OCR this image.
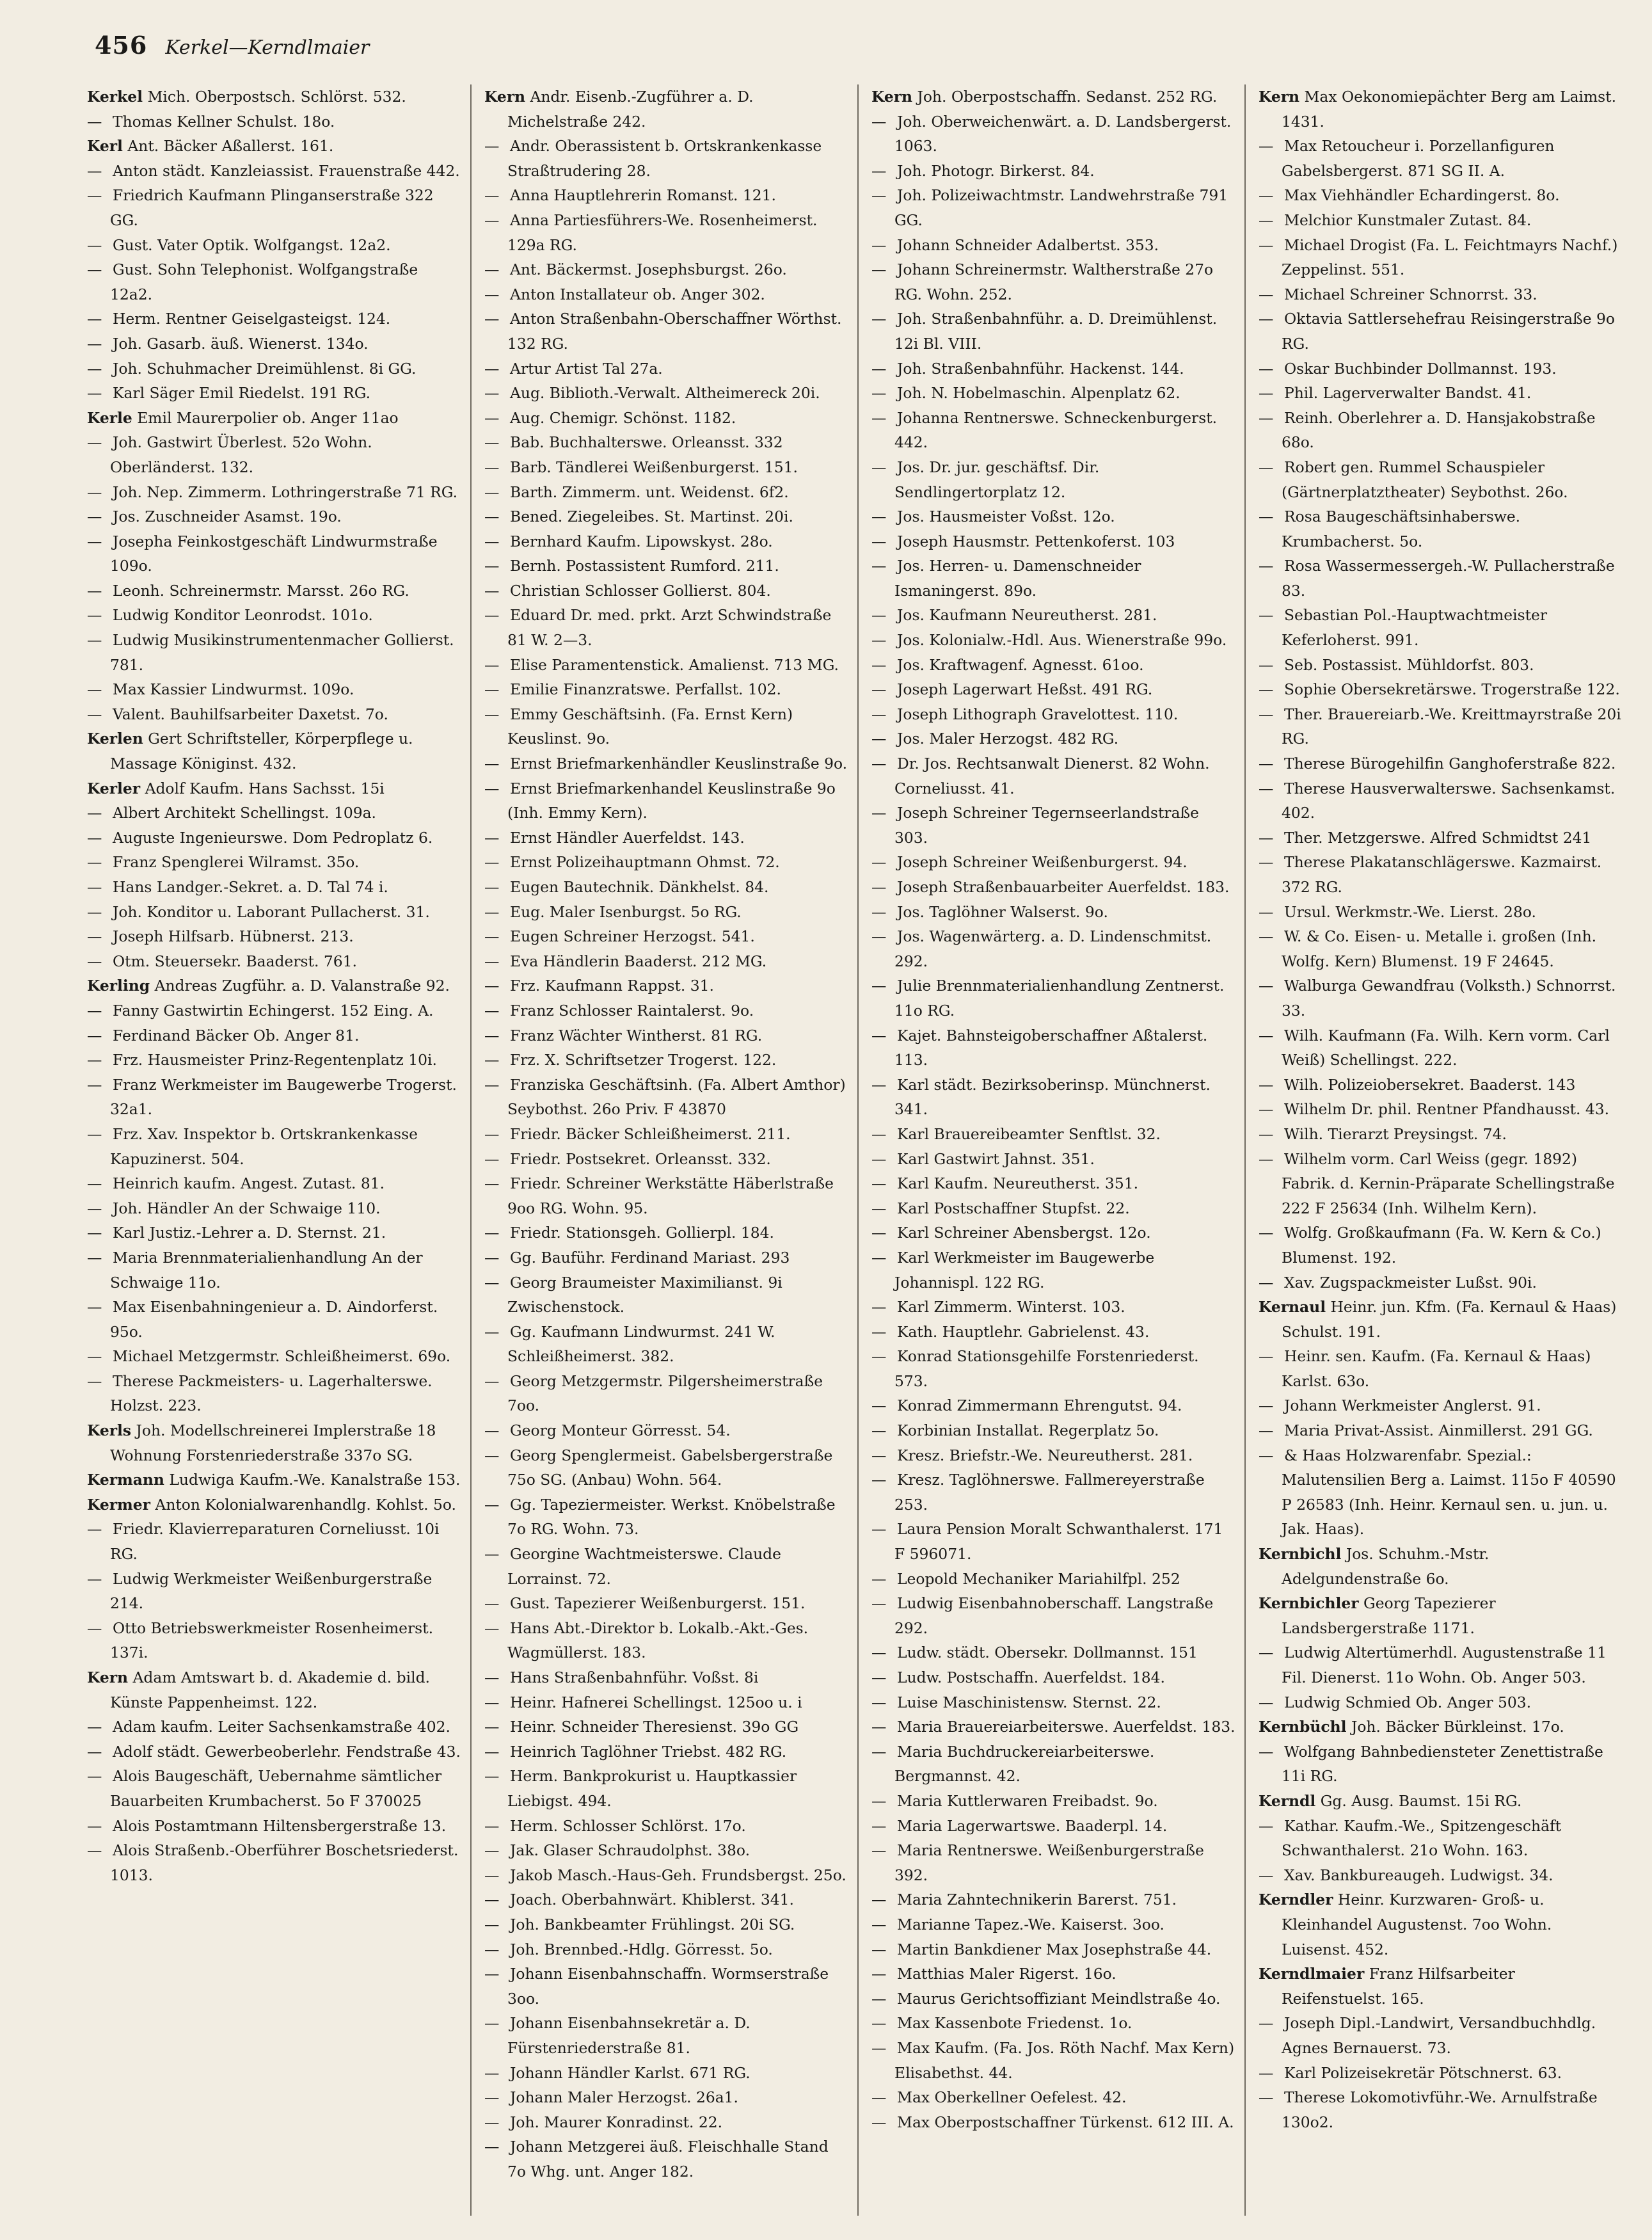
456 Kerkel—Kerndlmaier
Kerkel Mich. Oberpostsch. Schlörst. 532.
— Thomas Kellner Schulst. 18o.
Kerl Ant. Bäcker Aßallerst. 161.
— Anton städt. Kanzleiassist. Frauenstraße 442.
— Friedrich Kaufmann Plinganserstraße 322 GG.
— Gust. Vater Optik. Wolfgangst. 12a2.
— Gust. Sohn Telephonist. Wolfgangstraße 12a2.
— Herm. Rentner Geiselgasteigst. 124.
— Joh. Gasarb. äuß. Wienerst. 134o.
— Joh. Schuhmacher Dreimühlenst. 8i GG.
— Karl Säger Emil Riedelst. 191 RG.
Kerle Emil Maurerpolier ob. Anger 11ao
— Joh. Gastwirt Überlest. 52o Wohn. Oberländerst. 132.
— Joh. Nep. Zimmerm. Lothringerstraße 71 RG.
— Jos. Zuschneider Asamst. 19o.
— Josepha Feinkostgeschäft Lindwurmstraße 109o.
— Leonh. Schreinermstr. Marsst. 26o RG.
— Ludwig Konditor Leonrodst. 101o.
— Ludwig Musikinstrumentenmacher Gollierst. 781.
— Max Kassier Lindwurmst. 109o.
— Valent. Bauhilfsarbeiter Daxetst. 7o.
Kerlen Gert Schriftsteller, Körperpflege u. Massage Königinst. 432.
Kerler Adolf Kaufm. Hans Sachsst. 15i
— Albert Architekt Schellingst. 109a.
— Auguste Ingenieurswe. Dom Pedroplatz 6.
— Franz Spenglerei Wilramst. 35o.
— Hans Landger.-Sekret. a. D. Tal 74 i.
— Joh. Konditor u. Laborant Pullacherst. 31.
— Joseph Hilfsarb. Hübnerst. 213.
— Otm. Steuersekr. Baaderst. 761.
Kerling Andreas Zugführ. a. D. Valanstraße 92.
— Fanny Gastwirtin Echingerst. 152 Eing. A.
— Ferdinand Bäcker Ob. Anger 81.
— Frz. Hausmeister Prinz-Regentenplatz 10i.
— Franz Werkmeister im Baugewerbe Trogerst. 32a1.
— Frz. Xav. Inspektor b. Ortskrankenkasse Kapuzinerst. 504.
— Heinrich kaufm. Angest. Zutast. 81.
— Joh. Händler An der Schwaige 110.
— Karl Justiz.-Lehrer a. D. Sternst. 21.
— Maria Brennmaterialienhandlung An der Schwaige 11o.
— Max Eisenbahningenieur a. D. Aindorferst. 95o.
— Michael Metzgermstr. Schleißheimerst. 69o.
— Therese Packmeisters- u. Lagerhalterswe. Holzst. 223.
Kerls Joh. Modellschreinerei Implerstraße 18 Wohnung Forstenriederstraße 337o SG.
Kermann Ludwiga Kaufm.-We. Kanalstraße 153.
Kermer Anton Kolonialwarenhandlg. Kohlst. 5o.
— Friedr. Klavierreparaturen Corneliusst. 10i RG.
— Ludwig Werkmeister Weißenburgerstraße 214.
— Otto Betriebswerkmeister Rosenheimerst. 137i.
Kern Adam Amtswart b. d. Akademie d. bild. Künste Pappenheimst. 122.
— Adam kaufm. Leiter Sachsenkamstraße 402.
— Adolf städt. Gewerbeoberlehr. Fendstraße 43.
— Alois Baugeschäft, Uebernahme sämtlicher Bauarbeiten Krumbacherst. 5o F 370025
— Alois Postamtmann Hiltensbergerstraße 13.
— Alois Straßenb.-Oberführer Boschetsriederst. 1013.
Kern Andr. Eisenb.-Zugführer a. D. Michelstraße 242.
— Andr. Oberassistent b. Ortskrankenkasse Straßtrudering 28.
— Anna Hauptlehrerin Romanst. 121.
— Anna Partiesführers-We. Rosenheimerst. 129a RG.
— Ant. Bäckermst. Josephsburgst. 26o.
— Anton Installateur ob. Anger 302.
— Anton Straßenbahn-Oberschaffner Wörthst. 132 RG.
— Artur Artist Tal 27a.
— Aug. Biblioth.-Verwalt. Altheimereck 20i.
— Aug. Chemigr. Schönst. 1182.
— Bab. Buchhalterswe. Orleansst. 332
— Barb. Tändlerei Weißenburgerst. 151.
— Barth. Zimmerm. unt. Weidenst. 6f2.
— Bened. Ziegeleibes. St. Martinst. 20i.
— Bernhard Kaufm. Lipowskyst. 28o.
— Bernh. Postassistent Rumford. 211.
— Christian Schlosser Gollierst. 804.
— Eduard Dr. med. prkt. Arzt Schwindstraße 81 W. 2—3.
— Elise Paramentenstick. Amalienst. 713 MG.
— Emilie Finanzratswe. Perfallst. 102.
— Emmy Geschäftsinh. (Fa. Ernst Kern) Keuslinst. 9o.
— Ernst Briefmarkenhändler Keuslinstraße 9o.
— Ernst Briefmarkenhandel Keuslinstraße 9o (Inh. Emmy Kern).
— Ernst Händler Auerfeldst. 143.
— Ernst Polizeihauptmann Ohmst. 72.
— Eugen Bautechnik. Dänkhelst. 84.
— Eug. Maler Isenburgst. 5o RG.
— Eugen Schreiner Herzogst. 541.
— Eva Händlerin Baaderst. 212 MG.
— Frz. Kaufmann Rappst. 31.
— Franz Schlosser Raintalerst. 9o.
— Franz Wächter Wintherst. 81 RG.
— Frz. X. Schriftsetzer Trogerst. 122.
— Franziska Geschäftsinh. (Fa. Albert Amthor) Seybothst. 26o Priv. F 43870
— Friedr. Bäcker Schleißheimerst. 211.
— Friedr. Postsekret. Orleansst. 332.
— Friedr. Schreiner Werkstätte Häberlstraße 9oo RG. Wohn. 95.
— Friedr. Stationsgeh. Gollierpl. 184.
— Gg. Bauführ. Ferdinand Mariast. 293
— Georg Braumeister Maximilianst. 9i Zwischenstock.
— Gg. Kaufmann Lindwurmst. 241 W. Schleißheimerst. 382.
— Georg Metzgermstr. Pilgersheimerstraße 7oo.
— Georg Monteur Görresst. 54.
— Georg Spenglermeist. Gabelsbergerstraße 75o SG. (Anbau) Wohn. 564.
— Gg. Tapeziermeister. Werkst. Knöbelstraße 7o RG. Wohn. 73.
— Georgine Wachtmeisterswe. Claude Lorrainst. 72.
— Gust. Tapezierer Weißenburgerst. 151.
— Hans Abt.-Direktor b. Lokalb.-Akt.-Ges. Wagmüllerst. 183.
— Hans Straßenbahnführ. Voßst. 8i
— Heinr. Hafnerei Schellingst. 125oo u. i
— Heinr. Schneider Theresienst. 39o GG
— Heinrich Taglöhner Triebst. 482 RG.
— Herm. Bankprokurist u. Hauptkassier Liebigst. 494.
— Herm. Schlosser Schlörst. 17o.
— Jak. Glaser Schraudolphst. 38o.
— Jakob Masch.-Haus-Geh. Frundsbergst. 25o.
— Joach. Oberbahnwärt. Khiblerst. 341.
— Joh. Bankbeamter Frühlingst. 20i SG.
— Joh. Brennbed.-Hdlg. Görresst. 5o.
— Johann Eisenbahnschaffn. Wormserstraße 3oo.
— Johann Eisenbahnsekretär a. D. Fürstenriederstraße 81.
— Johann Händler Karlst. 671 RG.
— Johann Maler Herzogst. 26a1.
— Joh. Maurer Konradinst. 22.
— Johann Metzgerei äuß. Fleischhalle Stand 7o Whg. unt. Anger 182.
Kern Joh. Oberpostschaffn. Sedanst. 252 RG.
— Joh. Oberweichenwärt. a. D. Landsbergerst. 1063.
— Joh. Photogr. Birkerst. 84.
— Joh. Polizeiwachtmstr. Landwehrstraße 791 GG.
— Johann Schneider Adalbertst. 353.
— Johann Schreinermstr. Waltherstraße 27o RG. Wohn. 252.
— Joh. Straßenbahnführ. a. D. Dreimühlenst. 12i Bl. VIII.
— Joh. Straßenbahnführ. Hackenst. 144.
— Joh. N. Hobelmaschin. Alpenplatz 62.
— Johanna Rentnerswe. Schneckenburgerst. 442.
— Jos. Dr. jur. geschäftsf. Dir. Sendlingertorplatz 12.
— Jos. Hausmeister Voßst. 12o.
— Joseph Hausmstr. Pettenkoferst. 103
— Jos. Herren- u. Damenschneider Ismaningerst. 89o.
— Jos. Kaufmann Neureutherst. 281.
— Jos. Kolonialw.-Hdl. Aus. Wienerstraße 99o.
— Jos. Kraftwagenf. Agnesst. 61oo.
— Joseph Lagerwart Heßst. 491 RG.
— Joseph Lithograph Gravelottest. 110.
— Jos. Maler Herzogst. 482 RG.
— Dr. Jos. Rechtsanwalt Dienerst. 82 Wohn. Corneliusst. 41.
— Joseph Schreiner Tegernseerlandstraße 303.
— Joseph Schreiner Weißenburgerst. 94.
— Joseph Straßenbauarbeiter Auerfeldst. 183.
— Jos. Taglöhner Walserst. 9o.
— Jos. Wagenwärterg. a. D. Lindenschmitst. 292.
— Julie Brennmaterialienhandlung Zentnerst. 11o RG.
— Kajet. Bahnsteigoberschaffner Aßtalerst. 113.
— Karl städt. Bezirksoberinsp. Münchnerst. 341.
— Karl Brauereibeamter Senftlst. 32.
— Karl Gastwirt Jahnst. 351.
— Karl Kaufm. Neureutherst. 351.
— Karl Postschaffner Stupfst. 22.
— Karl Schreiner Abensbergst. 12o.
— Karl Werkmeister im Baugewerbe Johannispl. 122 RG.
— Karl Zimmerm. Winterst. 103.
— Kath. Hauptlehr. Gabrielenst. 43.
— Konrad Stationsgehilfe Forstenriederst. 573.
— Konrad Zimmermann Ehrengutst. 94.
— Korbinian Installat. Regerplatz 5o.
— Kresz. Briefstr.-We. Neureutherst. 281.
— Kresz. Taglöhnerswe. Fallmereyerstraße 253.
— Laura Pension Moralt Schwanthalerst. 171 F 596071.
— Leopold Mechaniker Mariahilfpl. 252
— Ludwig Eisenbahnoberschaff. Langstraße 292.
— Ludw. städt. Obersekr. Dollmannst. 151
— Ludw. Postschaffn. Auerfeldst. 184.
— Luise Maschinistensw. Sternst. 22.
— Maria Brauereiarbeiterswe. Auerfeldst. 183.
— Maria Buchdruckereiarbeiterswe. Bergmannst. 42.
— Maria Kuttlerwaren Freibadst. 9o.
— Maria Lagerwartswe. Baaderpl. 14.
— Maria Rentnerswe. Weißenburgerstraße 392.
— Maria Zahntechnikerin Barerst. 751.
— Marianne Tapez.-We. Kaiserst. 3oo.
— Martin Bankdiener Max Josephstraße 44.
— Matthias Maler Rigerst. 16o.
— Maurus Gerichtsoffiziant Meindlstraße 4o.
— Max Kassenbote Friedenst. 1o.
— Max Kaufm. (Fa. Jos. Röth Nachf. Max Kern) Elisabethst. 44.
— Max Oberkellner Oefelest. 42.
— Max Oberpostschaffner Türkenst. 612 III. A.
Kern Max Oekonomiepächter Berg am Laimst. 1431.
— Max Retoucheur i. Porzellanfiguren Gabelsbergerst. 871 SG II. A.
— Max Viehhändler Echardingerst. 8o.
— Melchior Kunstmaler Zutast. 84.
— Michael Drogist (Fa. L. Feichtmayrs Nachf.) Zeppelinst. 551.
— Michael Schreiner Schnorrst. 33.
— Oktavia Sattlersehefrau Reisingerstraße 9o RG.
— Oskar Buchbinder Dollmannst. 193.
— Phil. Lagerverwalter Bandst. 41.
— Reinh. Oberlehrer a. D. Hansjakobstraße 68o.
— Robert gen. Rummel Schauspieler (Gärtnerplatztheater) Seybothst. 26o.
— Rosa Baugeschäftsinhaberswe. Krumbacherst. 5o.
— Rosa Wassermessergeh.-W. Pullacherstraße 83.
— Sebastian Pol.-Hauptwachtmeister Keferloherst. 991.
— Seb. Postassist. Mühldorfst. 803.
— Sophie Obersekretärswe. Trogerstraße 122.
— Ther. Brauereiarb.-We. Kreittmayrstraße 20i RG.
— Therese Bürogehilfin Ganghoferstraße 822.
— Therese Hausverwalterswe. Sachsenkamst. 402.
— Ther. Metzgerswe. Alfred Schmidtst 241
— Therese Plakatanschlägerswe. Kazmairst. 372 RG.
— Ursul. Werkmstr.-We. Lierst. 28o.
— W. & Co. Eisen- u. Metalle i. großen (Inh. Wolfg. Kern) Blumenst. 19 F 24645.
— Walburga Gewandfrau (Volksth.) Schnorrst. 33.
— Wilh. Kaufmann (Fa. Wilh. Kern vorm. Carl Weiß) Schellingst. 222.
— Wilh. Polizeiobersekret. Baaderst. 143
— Wilhelm Dr. phil. Rentner Pfandhausst. 43.
— Wilh. Tierarzt Preysingst. 74.
— Wilhelm vorm. Carl Weiss (gegr. 1892) Fabrik. d. Kernin-Präparate Schellingstraße 222 F 25634 (Inh. Wilhelm Kern).
— Wolfg. Großkaufmann (Fa. W. Kern & Co.) Blumenst. 192.
— Xav. Zugspackmeister Lußst. 90i.
Kernaul Heinr. jun. Kfm. (Fa. Kernaul & Haas) Schulst. 191.
— Heinr. sen. Kaufm. (Fa. Kernaul & Haas) Karlst. 63o.
— Johann Werkmeister Anglerst. 91.
— Maria Privat-Assist. Ainmillerst. 291 GG.
— & Haas Holzwarenfabr. Spezial.: Malutensilien Berg a. Laimst. 115o F 40590 P 26583 (Inh. Heinr. Kernaul sen. u. jun. u. Jak. Haas).
Kernbichl Jos. Schuhm.-Mstr. Adelgundenstraße 6o.
Kernbichler Georg Tapezierer Landsbergerstraße 1171.
— Ludwig Altertümerhdl. Augustenstraße 11 Fil. Dienerst. 11o Wohn. Ob. Anger 503.
— Ludwig Schmied Ob. Anger 503.
Kernbüchl Joh. Bäcker Bürkleinst. 17o.
— Wolfgang Bahnbediensteter Zenettistraße 11i RG.
Kerndl Gg. Ausg. Baumst. 15i RG.
— Kathar. Kaufm.-We., Spitzengeschäft Schwanthalerst. 21o Wohn. 163.
— Xav. Bankbureaugeh. Ludwigst. 34.
Kerndler Heinr. Kurzwaren- Groß- u. Kleinhandel Augustenst. 7oo Wohn. Luisenst. 452.
Kerndlmaier Franz Hilfsarbeiter Reifenstuelst. 165.
— Joseph Dipl.-Landwirt, Versandbuchhdlg. Agnes Bernauerst. 73.
— Karl Polizeisekretär Pötschnerst. 63.
— Therese Lokomotivführ.-We. Arnulfstraße 130o2.
